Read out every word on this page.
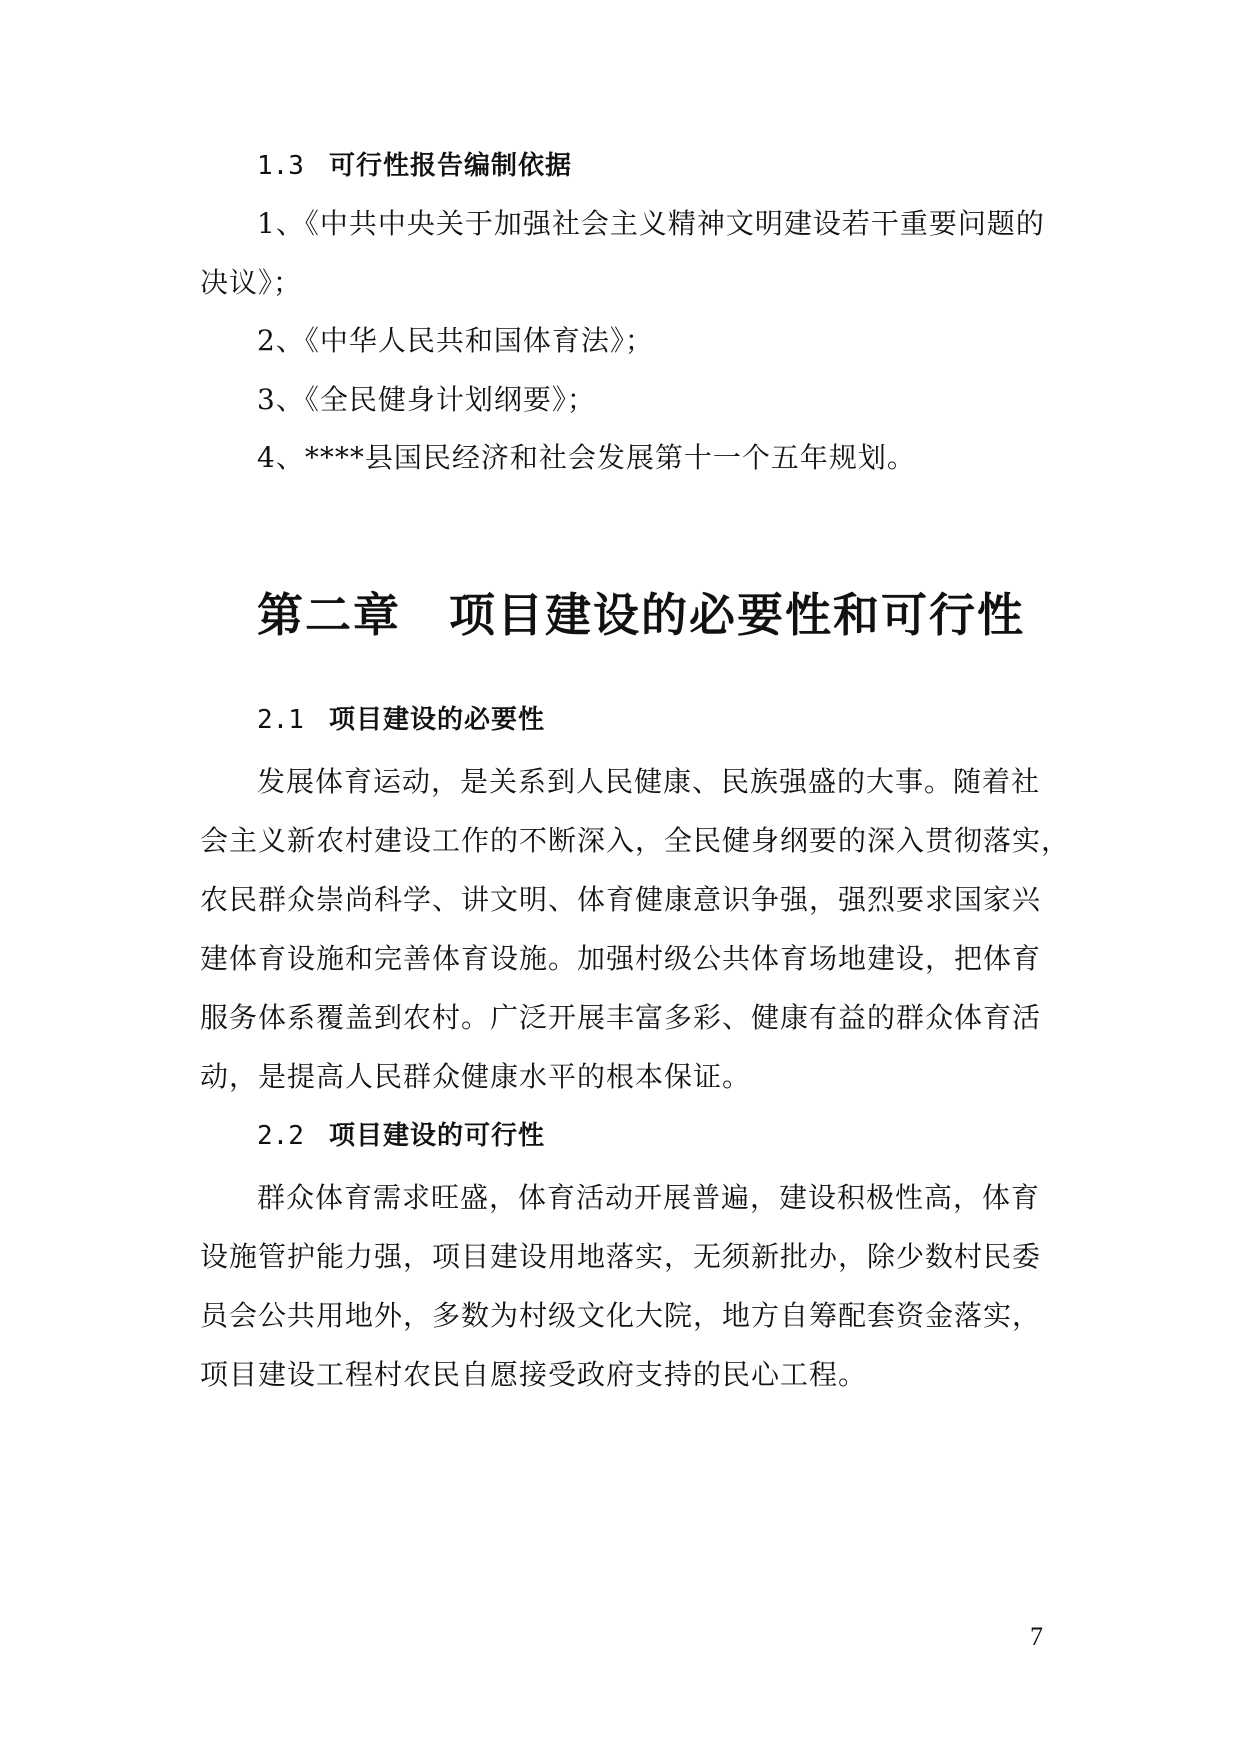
1.3 可行性报告编制依据
1、《中共中央关于加强社会主义精神文明建设若干重要问题的
决议》；
2、《中华人民共和国体育法》；
3、《全民健身计划纲要》；
4、****县国民经济和社会发展第十一个五年规划。
第二章 项目建设的必要性和可行性
2.1 项目建设的必要性
发展体育运动，是关系到人民健康、民族强盛的大事。随着社
会主义新农村建设工作的不断深入，全民健身纲要的深入贯彻落实，
农民群众崇尚科学、讲文明、体育健康意识争强，强烈要求国家兴
建体育设施和完善体育设施。加强村级公共体育场地建设，把体育
服务体系覆盖到农村。广泛开展丰富多彩、健康有益的群众体育活
动，是提高人民群众健康水平的根本保证。
2.2 项目建设的可行性
群众体育需求旺盛，体育活动开展普遍，建设积极性高，体育
设施管护能力强，项目建设用地落实，无须新批办，除少数村民委
员会公共用地外，多数为村级文化大院，地方自筹配套资金落实，
项目建设工程村农民自愿接受政府支持的民心工程。
7
